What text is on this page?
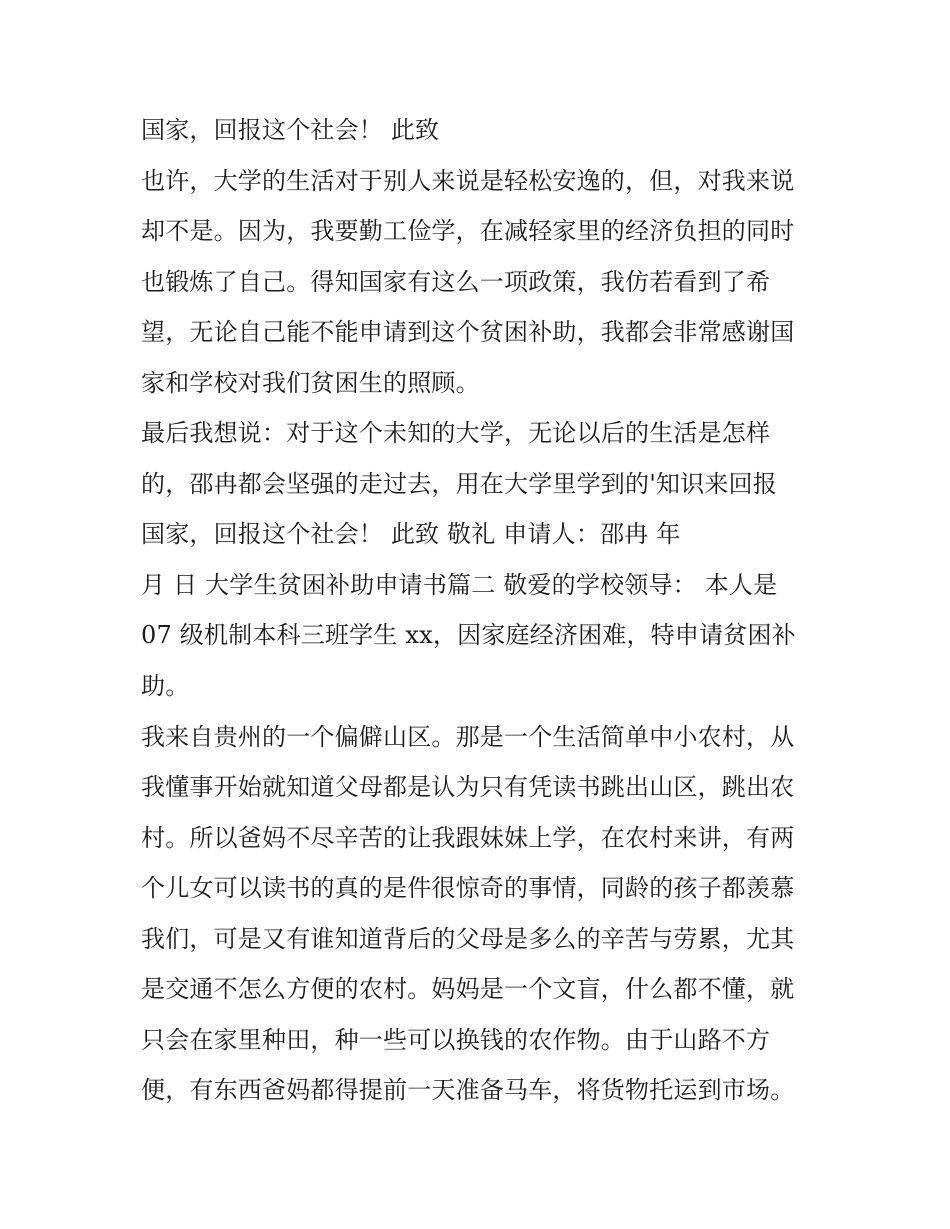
国家，回报这个社会！ 此致
也许，大学的生活对于别人来说是轻松安逸的，但，对我来说
却不是。因为，我要勤工俭学，在减轻家里的经济负担的同时
也锻炼了自己。得知国家有这么一项政策，我仿若看到了希
望，无论自己能不能申请到这个贫困补助，我都会非常感谢国
家和学校对我们贫困生的照顾。
最后我想说：对于这个未知的大学，无论以后的生活是怎样
的，邵冉都会坚强的走过去，用在大学里学到的'知识来回报
国家，回报这个社会！ 此致 敬礼 申请人：邵冉 年
月 日 大学生贫困补助申请书篇二 敬爱的学校领导： 本人是
07 级机制本科三班学生 xx，因家庭经济困难，特申请贫困补
助。
我来自贵州的一个偏僻山区。那是一个生活简单中小农村，从
我懂事开始就知道父母都是认为只有凭读书跳出山区，跳出农
村。所以爸妈不尽辛苦的让我跟妹妹上学，在农村来讲，有两
个儿女可以读书的真的是件很惊奇的事情，同龄的孩子都羡慕
我们，可是又有谁知道背后的父母是多么的辛苦与劳累，尤其
是交通不怎么方便的农村。妈妈是一个文盲，什么都不懂，就
只会在家里种田，种一些可以换钱的农作物。由于山路不方
便，有东西爸妈都得提前一天准备马车，将货物托运到市场。
